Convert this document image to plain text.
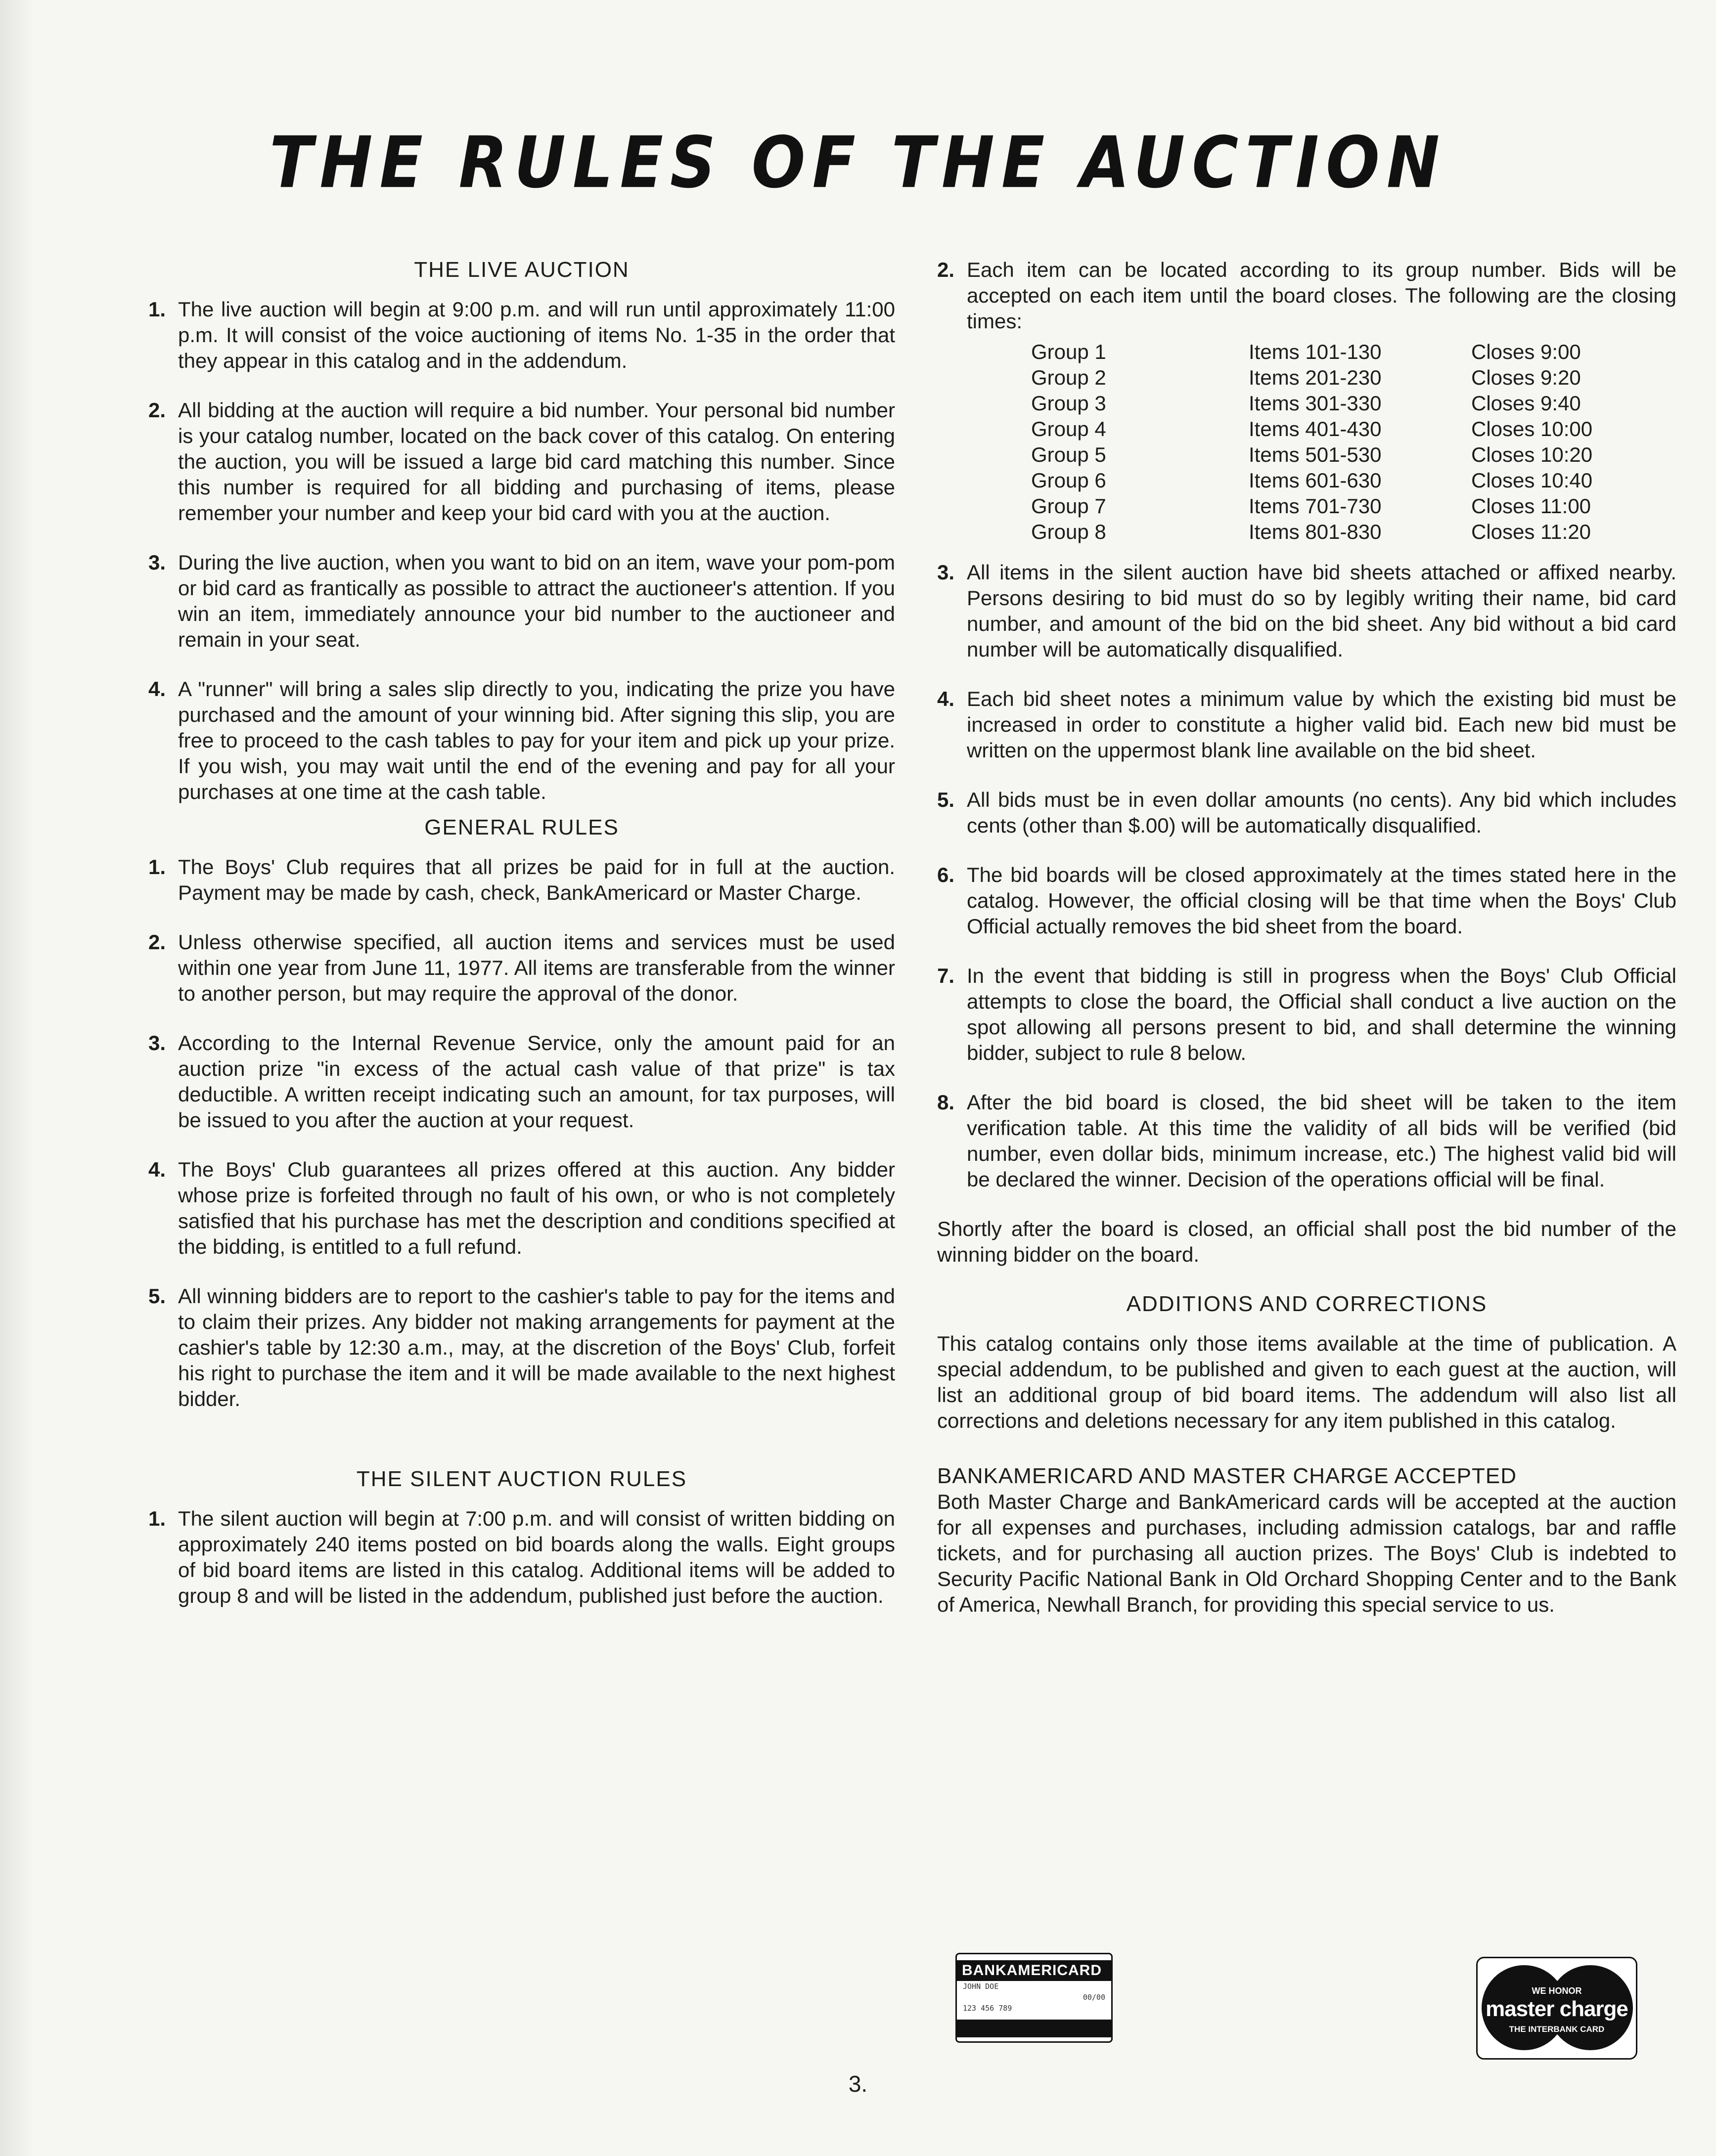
THE RULES OF THE AUCTION
THE LIVE AUCTION
1. The live auction will begin at 9:00 p.m. and will run until approximately 11:00 p.m. It will consist of the voice auctioning of items No. 1-35 in the order that they appear in this catalog and in the addendum.
2. All bidding at the auction will require a bid number. Your personal bid number is your catalog number, located on the back cover of this catalog. On entering the auction, you will be issued a large bid card matching this number. Since this number is required for all bidding and purchasing of items, please remember your number and keep your bid card with you at the auction.
3. During the live auction, when you want to bid on an item, wave your pom-pom or bid card as frantically as possible to attract the auctioneer's attention. If you win an item, immediately announce your bid number to the auctioneer and remain in your seat.
4. A "runner" will bring a sales slip directly to you, indicating the prize you have purchased and the amount of your winning bid. After signing this slip, you are free to proceed to the cash tables to pay for your item and pick up your prize. If you wish, you may wait until the end of the evening and pay for all your purchases at one time at the cash table.
GENERAL RULES
1. The Boys' Club requires that all prizes be paid for in full at the auction. Payment may be made by cash, check, BankAmericard or Master Charge.
2. Unless otherwise specified, all auction items and services must be used within one year from June 11, 1977. All items are transferable from the winner to another person, but may require the approval of the donor.
3. According to the Internal Revenue Service, only the amount paid for an auction prize "in excess of the actual cash value of that prize" is tax deductible. A written receipt indicating such an amount, for tax purposes, will be issued to you after the auction at your request.
4. The Boys' Club guarantees all prizes offered at this auction. Any bidder whose prize is forfeited through no fault of his own, or who is not completely satisfied that his purchase has met the description and conditions specified at the bidding, is entitled to a full refund.
5. All winning bidders are to report to the cashier's table to pay for the items and to claim their prizes. Any bidder not making arrangements for payment at the cashier's table by 12:30 a.m., may, at the discretion of the Boys' Club, forfeit his right to purchase the item and it will be made available to the next highest bidder.
THE SILENT AUCTION RULES
1. The silent auction will begin at 7:00 p.m. and will consist of written bidding on approximately 240 items posted on bid boards along the walls. Eight groups of bid board items are listed in this catalog. Additional items will be added to group 8 and will be listed in the addendum, published just before the auction.
2. Each item can be located according to its group number. Bids will be accepted on each item until the board closes. The following are the closing times:
Group 1	Items 101-130	Closes 9:00
Group 2	Items 201-230	Closes 9:20
Group 3	Items 301-330	Closes 9:40
Group 4	Items 401-430	Closes 10:00
Group 5	Items 501-530	Closes 10:20
Group 6	Items 601-630	Closes 10:40
Group 7	Items 701-730	Closes 11:00
Group 8	Items 801-830	Closes 11:20
3. All items in the silent auction have bid sheets attached or affixed nearby. Persons desiring to bid must do so by legibly writing their name, bid card number, and amount of the bid on the bid sheet. Any bid without a bid card number will be automatically disqualified.
4. Each bid sheet notes a minimum value by which the existing bid must be increased in order to constitute a higher valid bid. Each new bid must be written on the uppermost blank line available on the bid sheet.
5. All bids must be in even dollar amounts (no cents). Any bid which includes cents (other than $.00) will be automatically disqualified.
6. The bid boards will be closed approximately at the times stated here in the catalog. However, the official closing will be that time when the Boys' Club Official actually removes the bid sheet from the board.
7. In the event that bidding is still in progress when the Boys' Club Official attempts to close the board, the Official shall conduct a live auction on the spot allowing all persons present to bid, and shall determine the winning bidder, subject to rule 8 below.
8. After the bid board is closed, the bid sheet will be taken to the item verification table. At this time the validity of all bids will be verified (bid number, even dollar bids, minimum increase, etc.) The highest valid bid will be declared the winner. Decision of the operations official will be final.
Shortly after the board is closed, an official shall post the bid number of the winning bidder on the board.
ADDITIONS AND CORRECTIONS
This catalog contains only those items available at the time of publication. A special addendum, to be published and given to each guest at the auction, will list an additional group of bid board items. The addendum will also list all corrections and deletions necessary for any item published in this catalog.
BANKAMERICARD AND MASTER CHARGE ACCEPTED
Both Master Charge and BankAmericard cards will be accepted at the auction for all expenses and purchases, including admission catalogs, bar and raffle tickets, and for purchasing all auction prizes. The Boys' Club is indebted to Security Pacific National Bank in Old Orchard Shopping Center and to the Bank of America, Newhall Branch, for providing this special service to us.
BANKAMERICARD
JOHN DOE
00/00
123 456 789
WE HONOR
master charge
THE INTERBANK CARD
3.
